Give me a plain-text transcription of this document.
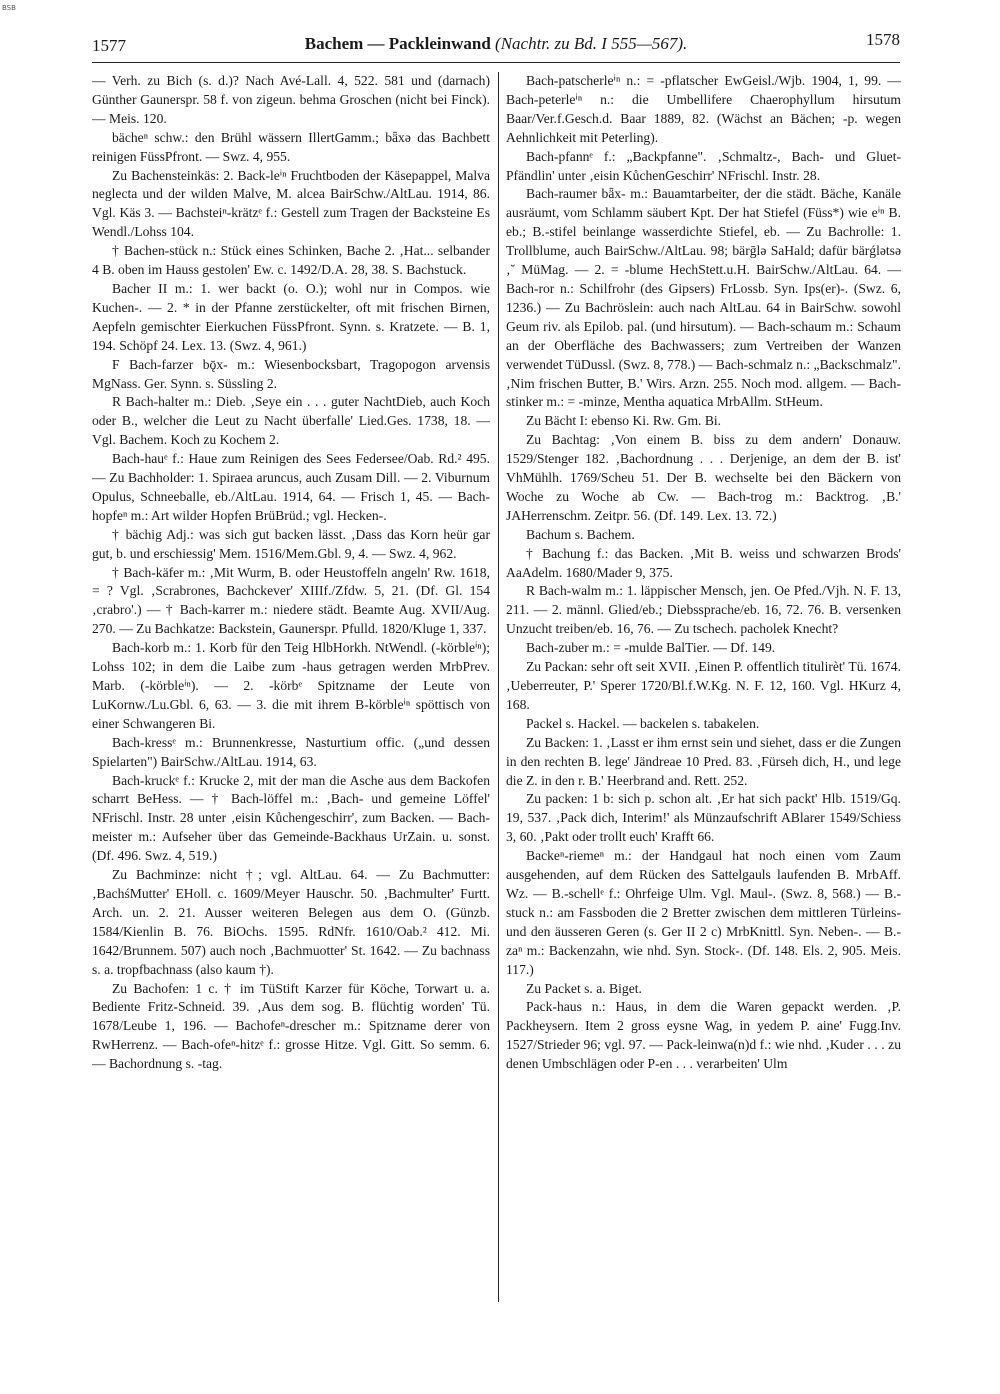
BSB
1577	Bachem — Packleinwand (Nachtr. zu Bd. I 555—567).	1578

— Verh. zu Bich (s. d.)? Nach Avé-Lall. 4, 522. 581 und (darnach) Günther Gaunerspr. 58 f. von zigeun. behma Groschen (nicht bei Finck). — Meis. 120.

bächeⁿ schw.: den Brühl wässern IllertGamm.; bǟxə das Bachbett reinigen FüssPfront. — Swz. 4, 955.

Zu Bachensteinkäs: 2. Back-leⁱⁿ Fruchtboden der Käsepappel, Malva neglecta und der wilden Malve, M. alcea BairSchw./AltLau. 1914, 86. Vgl. Käs 3. — Bachsteiⁿ-krätzᵉ f.: Gestell zum Tragen der Backsteine Es Wendl./Lohss 104.

† Bachen-stück n.: Stück eines Schinken, Bache 2. ‚Hat... selbander 4 B. oben im Hauss gestolen' Ew. c. 1492/D.A. 28, 38. S. Bachstuck.

Bacher II m.: 1. wer backt (o. O.); wohl nur in Compos. wie Kuchen-. — 2. * in der Pfanne zerstückelter, oft mit frischen Birnen, Aepfeln gemischter Eierkuchen FüssPfront. Synn. s. Kratzete. — B. 1, 194. Schöpf 24. Lex. 13. (Swz. 4, 961.)

F Bach-farzer bǭx- m.: Wiesenbocksbart, Tragopogon arvensis MgNass. Ger. Synn. s. Süssling 2.

R Bach-halter m.: Dieb. ‚Seye ein . . . guter NachtDieb, auch Koch oder B., welcher die Leut zu Nacht überfalle' Lied.Ges. 1738, 18. — Vgl. Bachem. Koch zu Kochem 2.

Bach-hauᵉ f.: Haue zum Reinigen des Sees Federsee/Oab. Rd.² 495. — Zu Bachholder: 1. Spiraea aruncus, auch Zusam Dill. — 2. Viburnum Opulus, Schneeballe, eb./AltLau. 1914, 64. — Frisch 1, 45. — Bach-hopfeⁿ m.: Art wilder Hopfen BrüBrüd.; vgl. Hecken-.

† bächig Adj.: was sich gut backen lässt. ‚Dass das Korn heür gar gut, b. und erschiessig' Mem. 1516/Mem.Gbl. 9, 4. — Swz. 4, 962.

† Bach-käfer m.: ‚Mit Wurm, B. oder Heustoffeln angeln' Rw. 1618, = ? Vgl. ‚Scrabrones, Bachckever' XIIIf./Zfdw. 5, 21. (Df. Gl. 154 ‚crabro'.) — † Bach-karrer m.: niedere städt. Beamte Aug. XVII/Aug. 270. — Zu Bachkatze: Backstein, Gaunerspr. Pfulld. 1820/Kluge 1, 337.

Bach-korb m.: 1. Korb für den Teig HlbHorkh. NtWendl. (-körbleⁱⁿ); Lohss 102; in dem die Laibe zum -haus getragen werden MrbPrev. Marb. (-körbleⁱⁿ). — 2. -körbᵉ Spitzname der Leute von LuKornw./Lu.Gbl. 6, 63. — 3. die mit ihrem B-körbleⁱⁿ spöttisch von einer Schwangeren Bi.

Bach-kressᵉ m.: Brunnenkresse, Nasturtium offic. („und dessen Spielarten") BairSchw./AltLau. 1914, 63.

Bach-kruckᵉ f.: Krucke 2, mit der man die Asche aus dem Backofen scharrt BeHess. — † Bach-löffel m.: ‚Bach- und gemeine Löffel' NFrischl. Instr. 28 unter ‚eisin Kůchengeschirr', zum Backen. — Bach-meister m.: Aufseher über das Gemeinde-Backhaus UrZain. u. sonst. (Df. 496. Swz. 4, 519.)

Zu Bachminze: nicht †; vgl. AltLau. 64. — Zu Bachmutter: ‚BachśMutter' EHoll. c. 1609/Meyer Hauschr. 50. ‚Bachmulter' Furtt. Arch. un. 2. 21. Ausser weiteren Belegen aus dem O. (Günzb. 1584/Kienlin B. 76. BiOchs. 1595. RdNfr. 1610/Oab.² 412. Mi. 1642/Brunnem. 507) auch noch ‚Bachmuotter' St. 1642. — Zu bachnass s. a. tropfbachnass (also kaum †).

Zu Bachofen: 1 c. † im TüStift Karzer für Köche, Torwart u. a. Bediente Fritz-Schneid. 39. ‚Aus dem sog. B. flüchtig worden' Tü. 1678/Leube 1, 196. — Bachofeⁿ-drescher m.: Spitzname derer von RwHerrenz. — Bach-ofeⁿ-hitzᵉ f.: grosse Hitze. Vgl. Gitt. So semm. 6. — Bachordnung s. -tag.

Bach-patscherleⁱⁿ n.: = -pflatscher EwGeisl./Wjb. 1904, 1, 99. — Bach-peterleⁱⁿ n.: die Umbellifere Chaerophyllum hirsutum Baar/Ver.f.Gesch.d. Baar 1889, 82. (Wächst an Bächen; -p. wegen Aehnlichkeit mit Peterling).

Bach-pfannᵉ f.: „Backpfanne". ‚Schmaltz-, Bach- und Gluet-Pfändlin' unter ‚eisin KůchenGeschirr' NFrischl. Instr. 28.

Bach-raumer bǟx- m.: Bauamtarbeiter, der die städt. Bäche, Kanäle ausräumt, vom Schlamm säubert Kpt. Der hat Stiefel (Füss*) wie eⁱⁿ B. eb.; B.-stifel beinlange wasserdichte Stiefel, eb. — Zu Bachrolle: 1. Trollblume, auch BairSchw./AltLau. 98; bärḡlə SaHald; dafür bärǵlətsə ‚˘ MüMag. — 2. = -blume HechStett.u.H. BairSchw./AltLau. 64. — Bach-ror n.: Schilfrohr (des Gipsers) FrLossb. Syn. Ips(er)-. (Swz. 6, 1236.) — Zu Bachröslein: auch nach AltLau. 64 in BairSchw. sowohl Geum riv. als Epilob. pal. (und hirsutum). — Bach-schaum m.: Schaum an der Oberfläche des Bachwassers; zum Vertreiben der Wanzen verwendet TüDussl. (Swz. 8, 778.) — Bach-schmalz n.: „Backschmalz". ‚Nim frischen Butter, B.' Wirs. Arzn. 255. Noch mod. allgem. — Bach-stinker m.: = -minze, Mentha aquatica MrbAllm. StHeum.

Zu Bächt I: ebenso Ki. Rw. Gm. Bi.

Zu Bachtag: ‚Von einem B. biss zu dem andern' Donauw. 1529/Stenger 182. ‚Bachordnung . . . Derjenige, an dem der B. ist' VhMühlh. 1769/Scheu 51. Der B. wechselte bei den Bäckern von Woche zu Woche ab Cw. — Bach-trog m.: Backtrog. ‚B.' JAHerrenschm. Zeitpr. 56. (Df. 149. Lex. 13. 72.)

Bachum s. Bachem.

† Bachung f.: das Backen. ‚Mit B. weiss und schwarzen Brods' AaAdelm. 1680/Mader 9, 375.

R Bach-walm m.: 1. läppischer Mensch, jen. Oe Pfed./Vjh. N. F. 13, 211. — 2. männl. Glied/eb.; Diebssprache/eb. 16, 72. 76. B. versenken Unzucht treiben/eb. 16, 76. — Zu tschech. pacholek Knecht?

Bach-zuber m.: = -mulde BalTier. — Df. 149.

Zu Packan: sehr oft seit XVII. ‚Einen P. offentlich titulirèt' Tü. 1674. ‚Ueberreuter, P.' Sperer 1720/Bl.f.W.Kg. N. F. 12, 160. Vgl. HKurz 4, 168.

Packel s. Hackel. — backelen s. tabakelen.

Zu Backen: 1. ‚Lasst er ihm ernst sein und siehet, dass er die Zungen in den rechten B. lege' Jändreae 10 Pred. 83. ‚Fürseh dich, H., und lege die Z. in den r. B.' Heerbrand and. Rett. 252.

Zu packen: 1 b: sich p. schon alt. ‚Er hat sich packt' Hlb. 1519/Gq. 19, 537. ‚Pack dich, Interim!' als Münzaufschrift ABlarer 1549/Schiess 3, 60. ‚Pakt oder trollt euch' Krafft 66.

Backeⁿ-riemeⁿ m.: der Handgaul hat noch einen vom Zaum ausgehenden, auf dem Rücken des Sattelgauls laufenden B. MrbAff. Wz. — B.-schellᵉ f.: Ohrfeige Ulm. Vgl. Maul-. (Swz. 8, 568.) — B.-stuck n.: am Fassboden die 2 Bretter zwischen dem mittleren Türleins- und den äusseren Geren (s. Ger II 2 c) MrbKnittl. Syn. Neben-. — B.-zaⁿ m.: Backenzahn, wie nhd. Syn. Stock-. (Df. 148. Els. 2, 905. Meis. 117.)

Zu Packet s. a. Biget.

Pack-haus n.: Haus, in dem die Waren gepackt werden. ‚P. Packheysern. Item 2 gross eysne Wag, in yedem P. aine' Fugg.Inv. 1527/Strieder 96; vgl. 97. — Pack-leinwa(n)d f.: wie nhd. ‚Kuder . . . zu denen Umbschlägen oder P-en . . . verarbeiten' Ulm
